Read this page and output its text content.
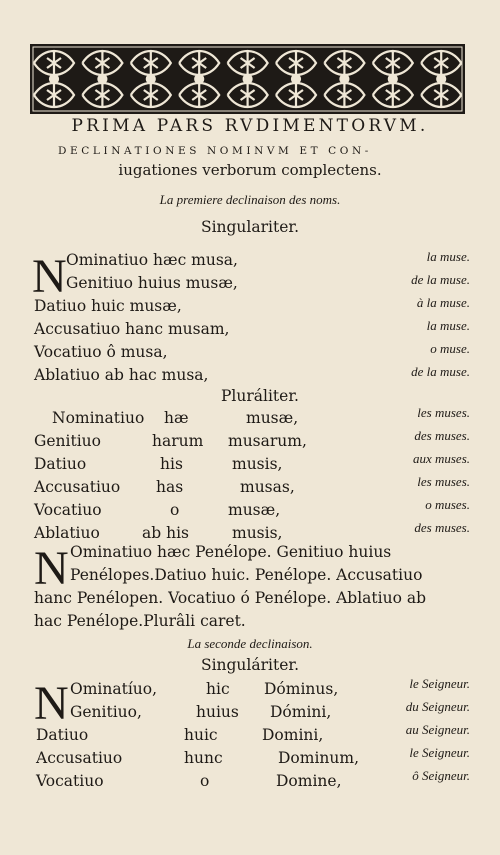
PRIMA PARS RVDIMENTORVM.
DECLINATIONES NOMINVM ET CON-
iugationes verborum complectens.
La premiere declinaison des noms.
Singulariter.
N Ominatiuo hæc musa,	la muse.
Genitiuo huius musæ,	de la muse.
Datiuo huic musæ,	à la muse.
Accusatiuo hanc musam,	la muse.
Vocatiuo ô musa,	o muse.
Ablatiuo ab hac musa,	de la muse.
Pluráliter.
Nominatiuo hæ	musæ,	les muses.
Genitiuo	harum musarum,	des muses.
Datiuo	his	musis,	aux muses.
Accusatiuo has	musas,	les muses.
Vocatiuo	o	musæ,	o muses.
Ablatiuo	ab his	musis,	des muses.
N Ominatiuo hæc Penélope. Genitiuo huius
Penélopes.Datiuo huic. Penélope. Accusatiuo
hanc Penélopen. Vocatiuo ó Penélope. Ablatiuo ab
hac Penélope.Plurâli caret.
La seconde declinaison.
Singuláriter.
N Ominatíuo,	hic Dóminus,	le Seigneur.
Genitiuo,	huius Dómini,	du Seigneur.
Datiuo	huic	Domini,	au Seigneur.
Accusatiuo	hunc	Dominum,	le Seigneur.
Vocatiuo	o	Domine,	ô Seigneur.
